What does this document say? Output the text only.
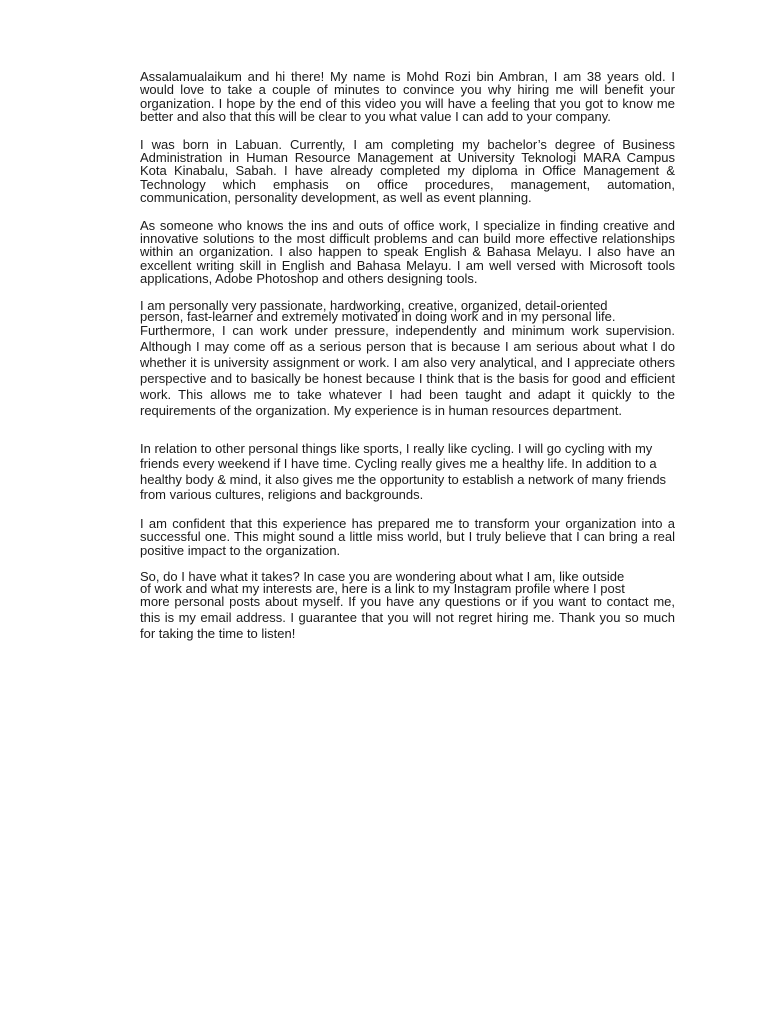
Assalamualaikum and hi there! My name is Mohd Rozi bin Ambran, I am 38 years old. I would love to take a couple of minutes to convince you why hiring me will benefit your organization. I hope by the end of this video you will have a feeling that you got to know me better and also that this will be clear to you what value I can add to your company.

I was born in Labuan. Currently, I am completing my bachelor’s degree of Business Administration in Human Resource Management at University Teknologi MARA Campus Kota Kinabalu, Sabah. I have already completed my diploma in Office Management & Technology which emphasis on office procedures, management, automation, communication, personality development, as well as event planning.

As someone who knows the ins and outs of office work, I specialize in finding creative and innovative solutions to the most difficult problems and can build more effective relationships within an organization. I also happen to speak English & Bahasa Melayu. I also have an excellent writing skill in English and Bahasa Melayu. I am well versed with Microsoft tools applications, Adobe Photoshop and others designing tools.

I am personally very passionate, hardworking, creative, organized, detail-oriented
person, fast-learner and extremely motivated in doing work and in my personal life.
Furthermore, I can work under pressure, independently and minimum work supervision. Although I may come off as a serious person that is because I am serious about what I do whether it is university assignment or work. I am also very analytical, and I appreciate others perspective and to basically be honest because I think that is the basis for good and efficient work. This allows me to take whatever I had been taught and adapt it quickly to the requirements of the organization. My experience is in human resources department.

In relation to other personal things like sports, I really like cycling. I will go cycling with my friends every weekend if I have time. Cycling really gives me a healthy life. In addition to a healthy body & mind, it also gives me the opportunity to establish a network of many friends from various cultures, religions and backgrounds.

I am confident that this experience has prepared me to transform your organization into a successful one. This might sound a little miss world, but I truly believe that I can bring a real positive impact to the organization.

So, do I have what it takes? In case you are wondering about what I am, like outside
of work and what my interests are, here is a link to my Instagram profile where I post
more personal posts about myself. If you have any questions or if you want to contact me, this is my email address. I guarantee that you will not regret hiring me. Thank you so much for taking the time to listen!
